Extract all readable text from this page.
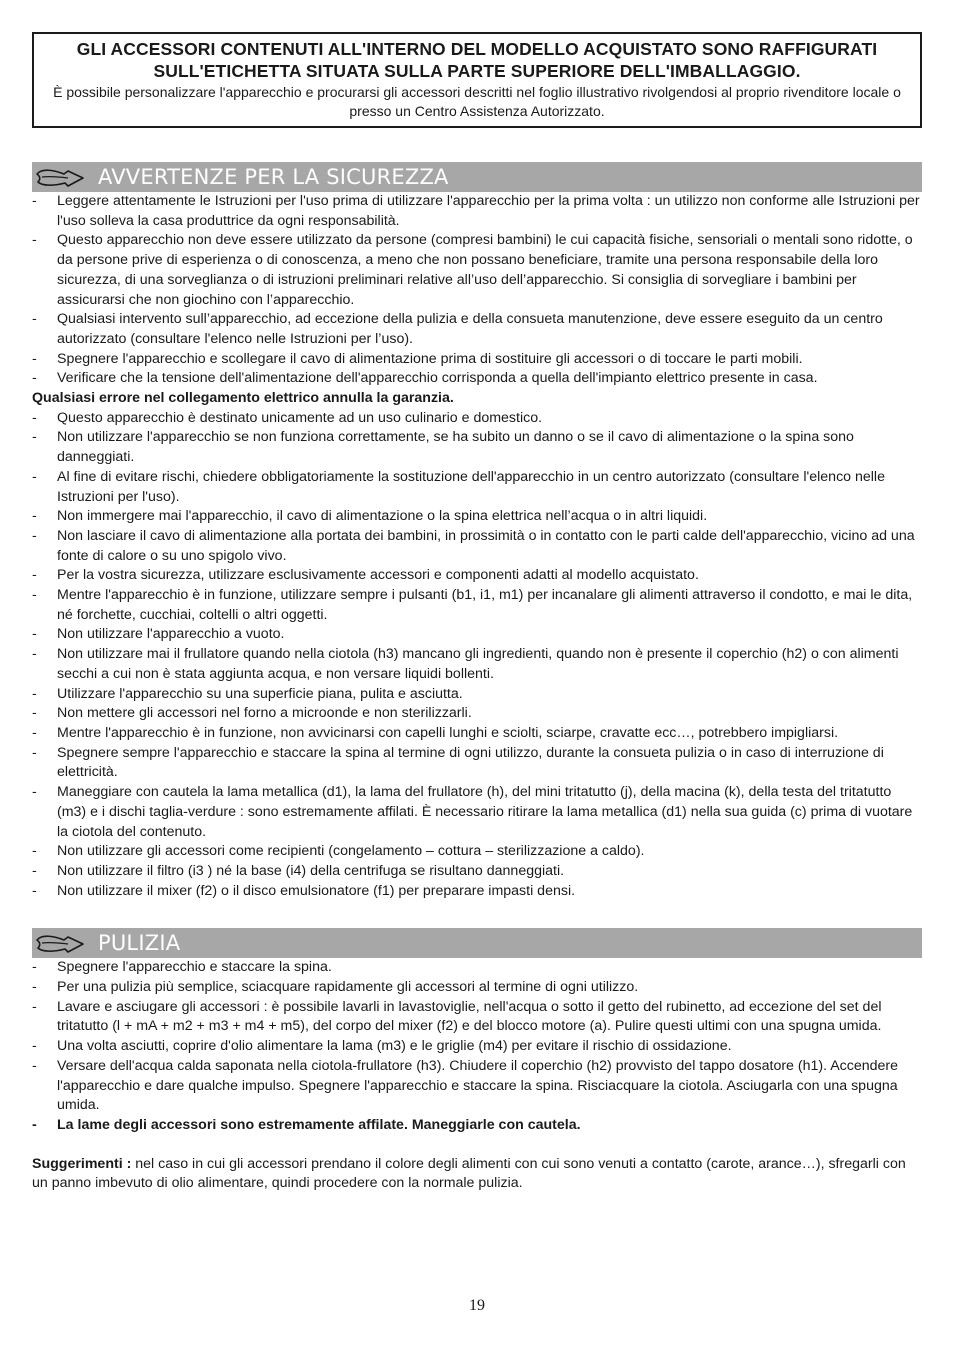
GLI ACCESSORI CONTENUTI ALL'INTERNO DEL MODELLO ACQUISTATO SONO RAFFIGURATI SULL'ETICHETTA SITUATA SULLA PARTE SUPERIORE DELL'IMBALLAGGIO.
È possibile personalizzare l'apparecchio e procurarsi gli accessori descritti nel foglio illustrativo rivolgendosi al proprio rivenditore locale o presso un Centro Assistenza Autorizzato.
AVVERTENZE PER LA SICUREZZA
- Leggere attentamente le Istruzioni per l'uso prima di utilizzare l'apparecchio per la prima volta : un utilizzo non conforme alle Istruzioni per l'uso solleva la casa produttrice da ogni responsabilità.
- Questo apparecchio non deve essere utilizzato da persone (compresi bambini) le cui capacità fisiche, sensoriali o mentali sono ridotte, o da persone prive di esperienza o di conoscenza, a meno che non possano beneficiare, tramite una persona responsabile della loro sicurezza, di una sorveglianza o di istruzioni preliminari relative all’uso dell’apparecchio. Si consiglia di sorvegliare i bambini per assicurarsi che non giochino con l’apparecchio.
- Qualsiasi intervento sull’apparecchio, ad eccezione della pulizia e della consueta manutenzione, deve essere eseguito da un centro autorizzato (consultare l'elenco nelle Istruzioni per l’uso).
- Spegnere l'apparecchio e scollegare il cavo di alimentazione prima di sostituire gli accessori o di toccare le parti mobili.
- Verificare che la tensione dell'alimentazione dell'apparecchio corrisponda a quella dell'impianto elettrico presente in casa.
Qualsiasi errore nel collegamento elettrico annulla la garanzia.
- Questo apparecchio è destinato unicamente ad un uso culinario e domestico.
- Non utilizzare l'apparecchio se non funziona correttamente, se ha subito un danno o se il cavo di alimentazione o la spina sono danneggiati.
- Al fine di evitare rischi, chiedere obbligatoriamente la sostituzione dell'apparecchio in un centro autorizzato (consultare l'elenco nelle Istruzioni per l'uso).
- Non immergere mai l'apparecchio, il cavo di alimentazione o la spina elettrica nell’acqua o in altri liquidi.
- Non lasciare il cavo di alimentazione alla portata dei bambini, in prossimità o in contatto con le parti calde dell'apparecchio, vicino ad una fonte di calore o su uno spigolo vivo.
- Per la vostra sicurezza, utilizzare esclusivamente accessori e componenti adatti al modello acquistato.
- Mentre l'apparecchio è in funzione, utilizzare sempre i pulsanti (b1, i1, m1) per incanalare gli alimenti attraverso il condotto, e mai le dita, né forchette, cucchiai, coltelli o altri oggetti.
- Non utilizzare l'apparecchio a vuoto.
- Non utilizzare mai il frullatore quando nella ciotola (h3) mancano gli ingredienti, quando non è presente il coperchio (h2) o con alimenti secchi a cui non è stata aggiunta acqua, e non versare liquidi bollenti.
- Utilizzare l'apparecchio su una superficie piana, pulita e asciutta.
- Non mettere gli accessori nel forno a microonde e non sterilizzarli.
- Mentre l'apparecchio è in funzione, non avvicinarsi con capelli lunghi e sciolti, sciarpe, cravatte ecc…, potrebbero impigliarsi.
- Spegnere sempre l'apparecchio e staccare la spina al termine di ogni utilizzo, durante la consueta pulizia o in caso di interruzione di elettricità.
- Maneggiare con cautela la lama metallica (d1), la lama del frullatore (h), del mini tritatutto (j), della macina (k), della testa del tritatutto (m3) e i dischi taglia-verdure : sono estremamente affilati. È necessario ritirare la lama metallica (d1) nella sua guida (c) prima di vuotare la ciotola del contenuto.
- Non utilizzare gli accessori come recipienti (congelamento – cottura – sterilizzazione a caldo).
- Non utilizzare il filtro (i3 ) né la base (i4) della centrifuga se risultano danneggiati.
- Non utilizzare il mixer (f2) o il disco emulsionatore (f1) per preparare impasti densi.
PULIZIA
- Spegnere l'apparecchio e staccare la spina.
- Per una pulizia più semplice, sciacquare rapidamente gli accessori al termine di ogni utilizzo.
- Lavare e asciugare gli accessori : è possibile lavarli in lavastoviglie, nell'acqua o sotto il getto del rubinetto, ad eccezione del set del tritatutto (l + mA + m2 + m3 + m4 + m5), del corpo del mixer (f2) e del blocco motore (a). Pulire questi ultimi con una spugna umida.
- Una volta asciutti, coprire d'olio alimentare la lama (m3) e le griglie (m4) per evitare il rischio di ossidazione.
- Versare dell'acqua calda saponata nella ciotola-frullatore (h3). Chiudere il coperchio (h2) provvisto del tappo dosatore (h1). Accendere l'apparecchio e dare qualche impulso. Spegnere l'apparecchio e staccare la spina. Risciacquare la ciotola. Asciugarla con una spugna umida.
- La lame degli accessori sono estremamente affilate. Maneggiarle con cautela.
Suggerimenti : nel caso in cui gli accessori prendano il colore degli alimenti con cui sono venuti a contatto (carote, arance…), sfregarli con un panno imbevuto di olio alimentare, quindi procedere con la normale pulizia.
19
